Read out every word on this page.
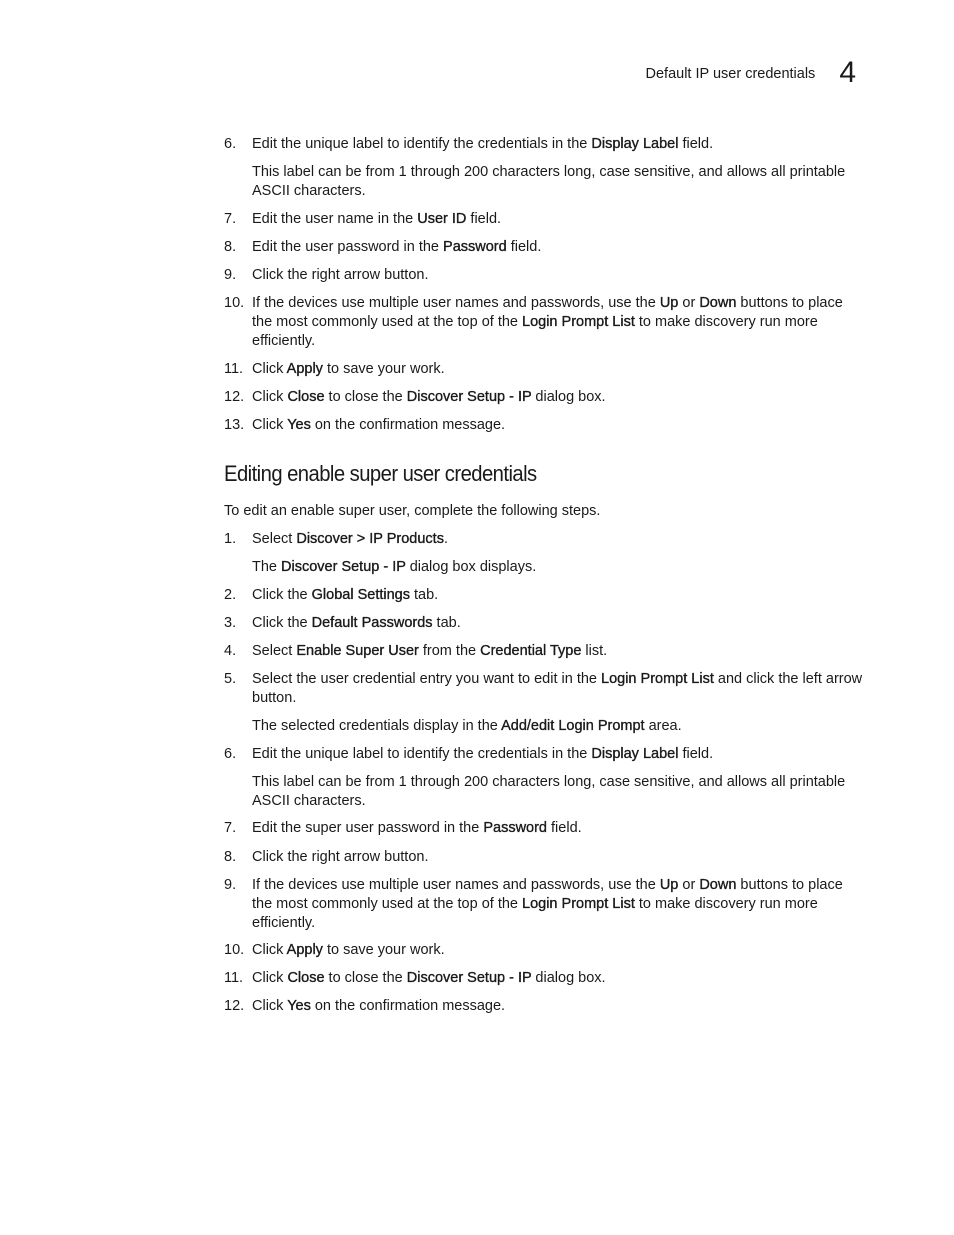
Default IP user credentials 4
6. Edit the unique label to identify the credentials in the Display Label field.
This label can be from 1 through 200 characters long, case sensitive, and allows all printable ASCII characters.
7. Edit the user name in the User ID field.
8. Edit the user password in the Password field.
9. Click the right arrow button.
10. If the devices use multiple user names and passwords, use the Up or Down buttons to place the most commonly used at the top of the Login Prompt List to make discovery run more efficiently.
11. Click Apply to save your work.
12. Click Close to close the Discover Setup - IP dialog box.
13. Click Yes on the confirmation message.
Editing enable super user credentials
To edit an enable super user, complete the following steps.
1. Select Discover > IP Products.
The Discover Setup - IP dialog box displays.
2. Click the Global Settings tab.
3. Click the Default Passwords tab.
4. Select Enable Super User from the Credential Type list.
5. Select the user credential entry you want to edit in the Login Prompt List and click the left arrow button.
The selected credentials display in the Add/edit Login Prompt area.
6. Edit the unique label to identify the credentials in the Display Label field.
This label can be from 1 through 200 characters long, case sensitive, and allows all printable ASCII characters.
7. Edit the super user password in the Password field.
8. Click the right arrow button.
9. If the devices use multiple user names and passwords, use the Up or Down buttons to place the most commonly used at the top of the Login Prompt List to make discovery run more efficiently.
10. Click Apply to save your work.
11. Click Close to close the Discover Setup - IP dialog box.
12. Click Yes on the confirmation message.
